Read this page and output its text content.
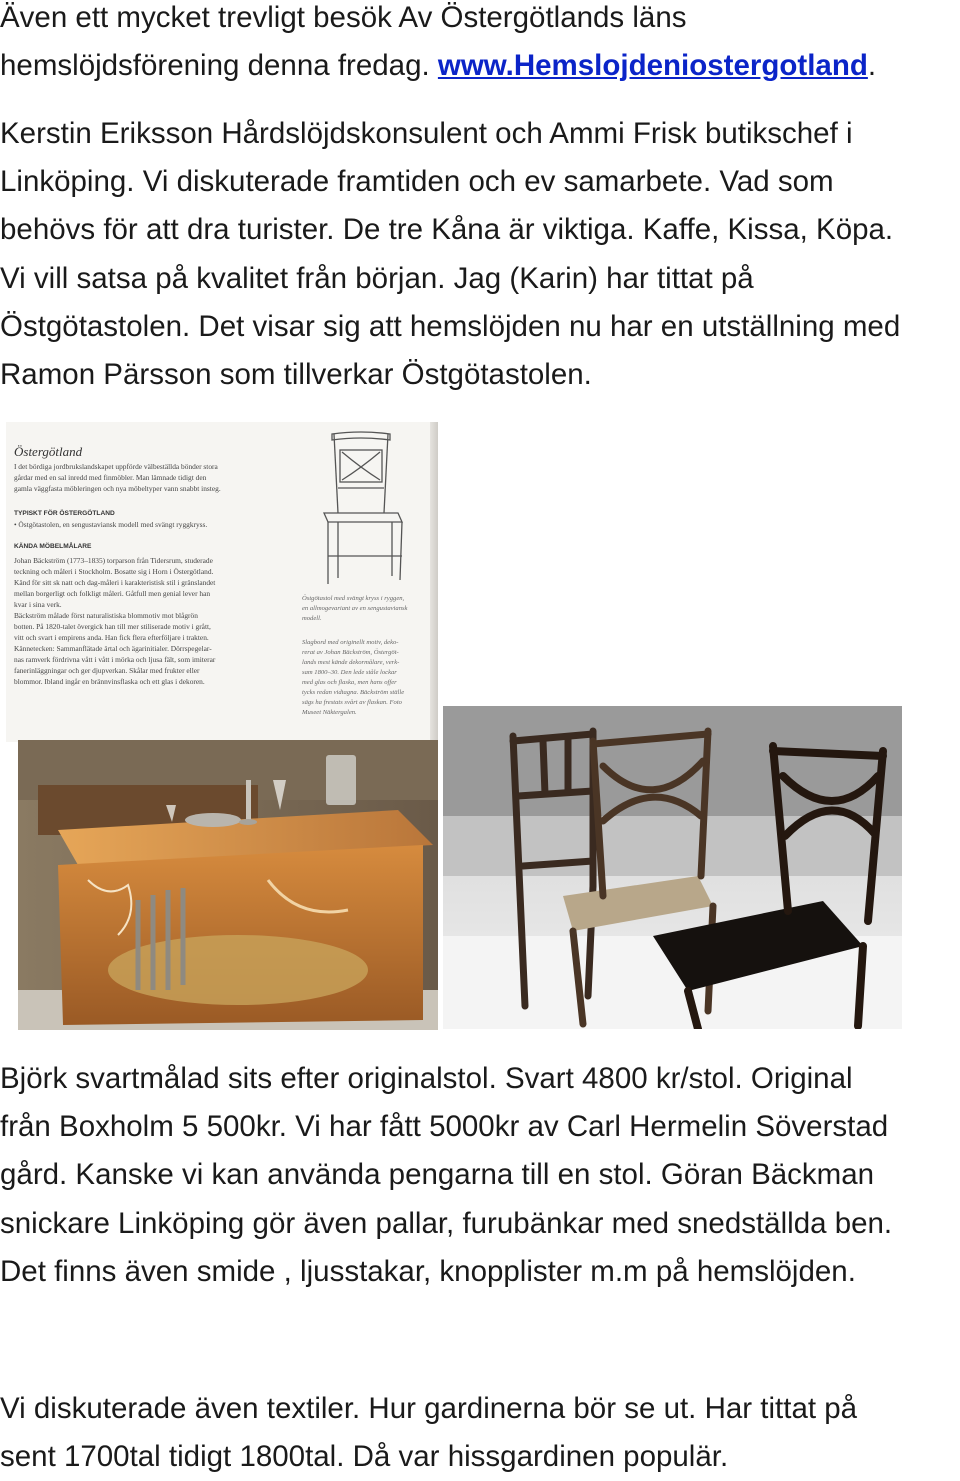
Även ett mycket trevligt besök Av Östergötlands läns
hemslöjdsförening denna fredag. www.Hemslojdeniostergotland.
Kerstin Eriksson Hårdslöjdskonsulent och Ammi Frisk butikschef i
Linköping. Vi diskuterade framtiden och ev samarbete. Vad som
behövs för att dra turister. De tre Kåna är viktiga. Kaffe, Kissa, Köpa.
Vi vill satsa på kvalitet från början. Jag (Karin) har tittat på
Östgötastolen. Det visar sig att hemslöjden nu har en utställning med
Ramon Pärsson som tillverkar Östgötastolen.
Östergötland
I det bördiga jordbrukslandskapet uppförde välbeställda bönder stora
gårdar med en sal inredd med finmöbler. Man lämnade tidigt den
gamla väggfasta möbleringen och nya möbeltyper vann snabbt insteg.
TYPISKT FÖR ÖSTERGÖTLAND
• Östgötastolen, en sengustaviansk modell med svängt ryggkryss.
KÄNDA MÖBELMÅLARE
Johan Bäckström (1773–1835) torparson från Tidersrum, studerade
teckning och måleri i Stockholm. Bosatte sig i Horn i Östergötland.
Känd för sitt sk natt och dag-måleri i karakteristisk stil i gränslandet
mellan borgerligt och folkligt måleri. Gåtfull men genial lever han
kvar i sina verk.
Bäckström målade först naturalistiska blommotiv mot blågrön
botten. På 1820-talet övergick han till mer stiliserade motiv i grått,
vitt och svart i empirens anda. Han fick flera efterföljare i trakten.
Kännetecken: Sammanflätade ärtal och ägarinitialer. Dörrspegelar-
nas ramverk fördrivna vått i vått i mörka och ljusa fält, som imiterar
fanerinläggningar och ger djupverkan. Skålar med frukter eller
blommor. Ibland ingår en brännvinsflaska och ett glas i dekoren.
Östgötastol med svängt kryss i ryggen,
en allmogevariant av en sengustaviansk
modell.
Slagbord med originellt motiv, deko-
rerat av Johan Bäckström, Östergöt-
lands mest kände dekormålare, verk-
sam 1800–30. Den lede ståle lockar
med glas och flaska, men hans offer
tycks redan vidtagna. Bäckström ställe
sägs ha frestats svårt av flaskan. Foto
Museet Näktergalen.
Björk svartmålad sits efter originalstol. Svart 4800 kr/stol. Original
från Boxholm 5 500kr. Vi har fått 5000kr av Carl Hermelin Söverstad
gård. Kanske vi kan använda pengarna till en stol. Göran Bäckman
snickare Linköping gör även pallar, furubänkar med snedställda ben.
Det finns även smide , ljusstakar, knopplister m.m på hemslöjden.
Vi diskuterade även textiler. Hur gardinerna bör se ut. Har tittat på
sent 1700tal tidigt 1800tal. Då var hissgardinen populär.
